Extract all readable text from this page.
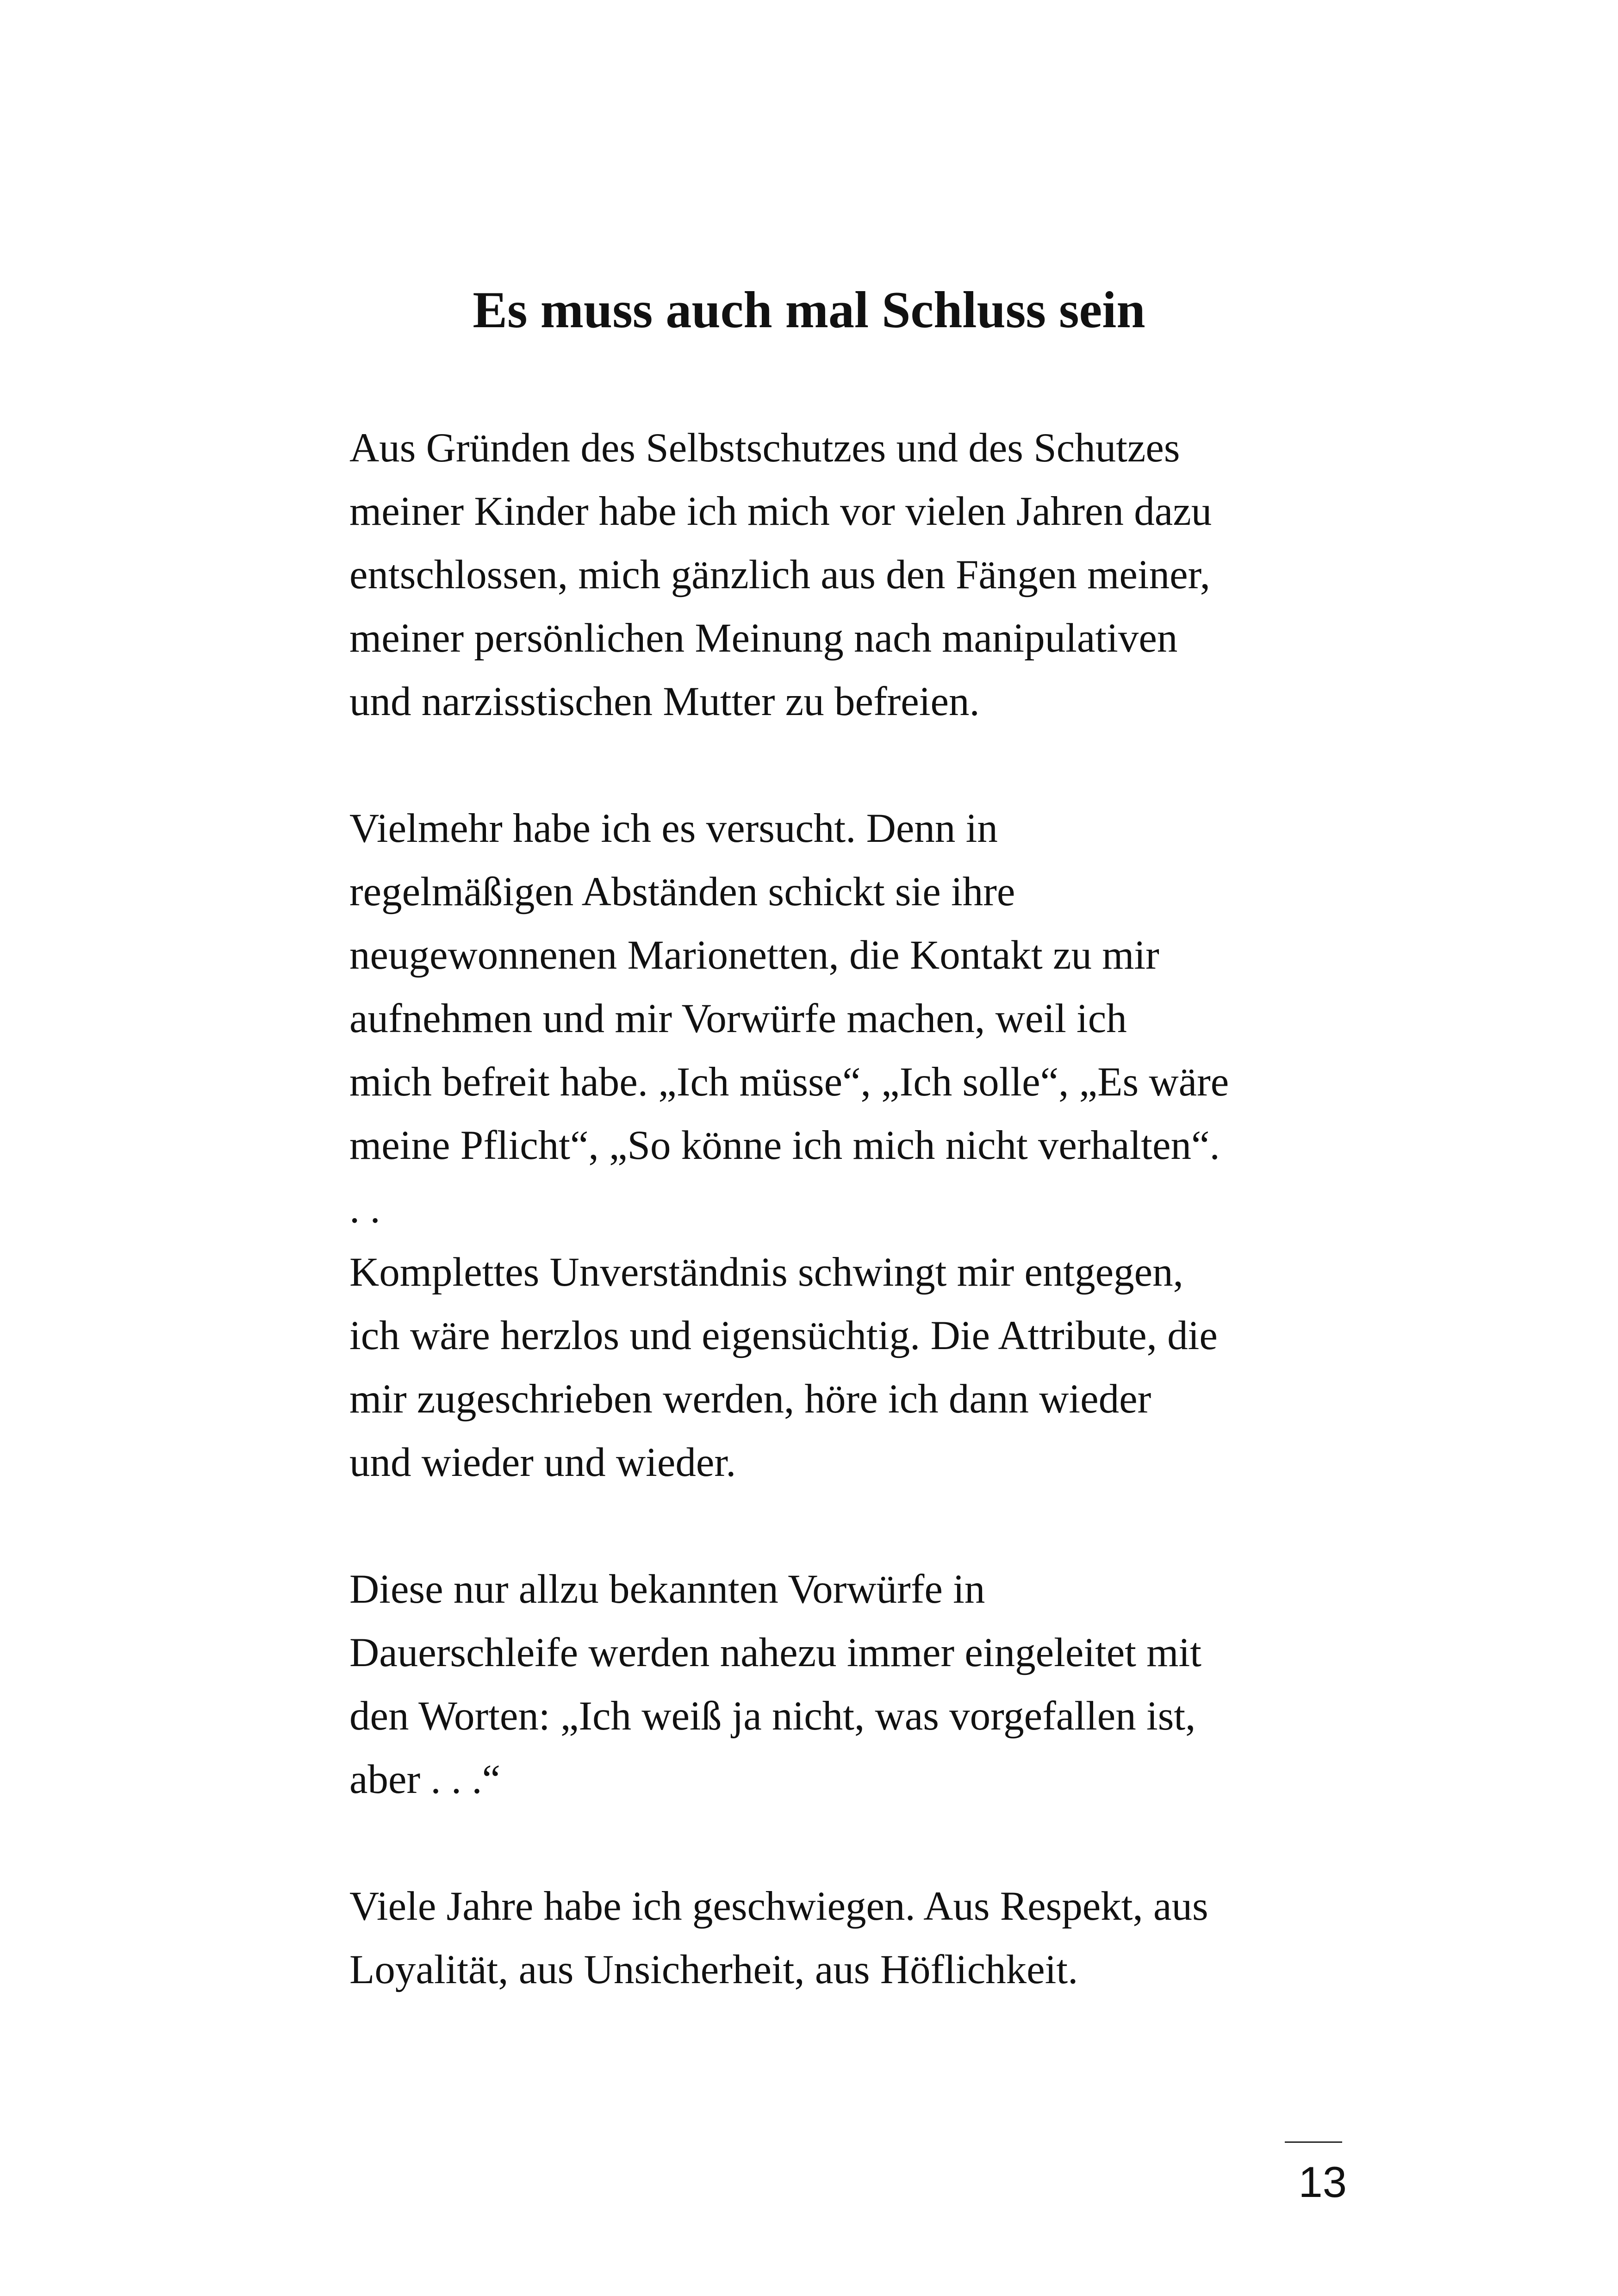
Es muss auch mal Schluss sein

Aus Gründen des Selbstschutzes und des Schutzes
meiner Kinder habe ich mich vor vielen Jahren dazu
entschlossen, mich gänzlich aus den Fängen meiner,
meiner persönlichen Meinung nach manipulativen
und narzisstischen Mutter zu befreien.

Vielmehr habe ich es versucht. Denn in
regelmäßigen Abständen schickt sie ihre
neugewonnenen Marionetten, die Kontakt zu mir
aufnehmen und mir Vorwürfe machen, weil ich
mich befreit habe. „Ich müsse“, „Ich solle“, „Es wäre
meine Pflicht“, „So könne ich mich nicht verhalten“.
. .
Komplettes Unverständnis schwingt mir entgegen,
ich wäre herzlos und eigensüchtig. Die Attribute, die
mir zugeschrieben werden, höre ich dann wieder
und wieder und wieder.

Diese nur allzu bekannten Vorwürfe in
Dauerschleife werden nahezu immer eingeleitet mit
den Worten: „Ich weiß ja nicht, was vorgefallen ist,
aber . . .“

Viele Jahre habe ich geschwiegen. Aus Respekt, aus
Loyalität, aus Unsicherheit, aus Höflichkeit.

13
